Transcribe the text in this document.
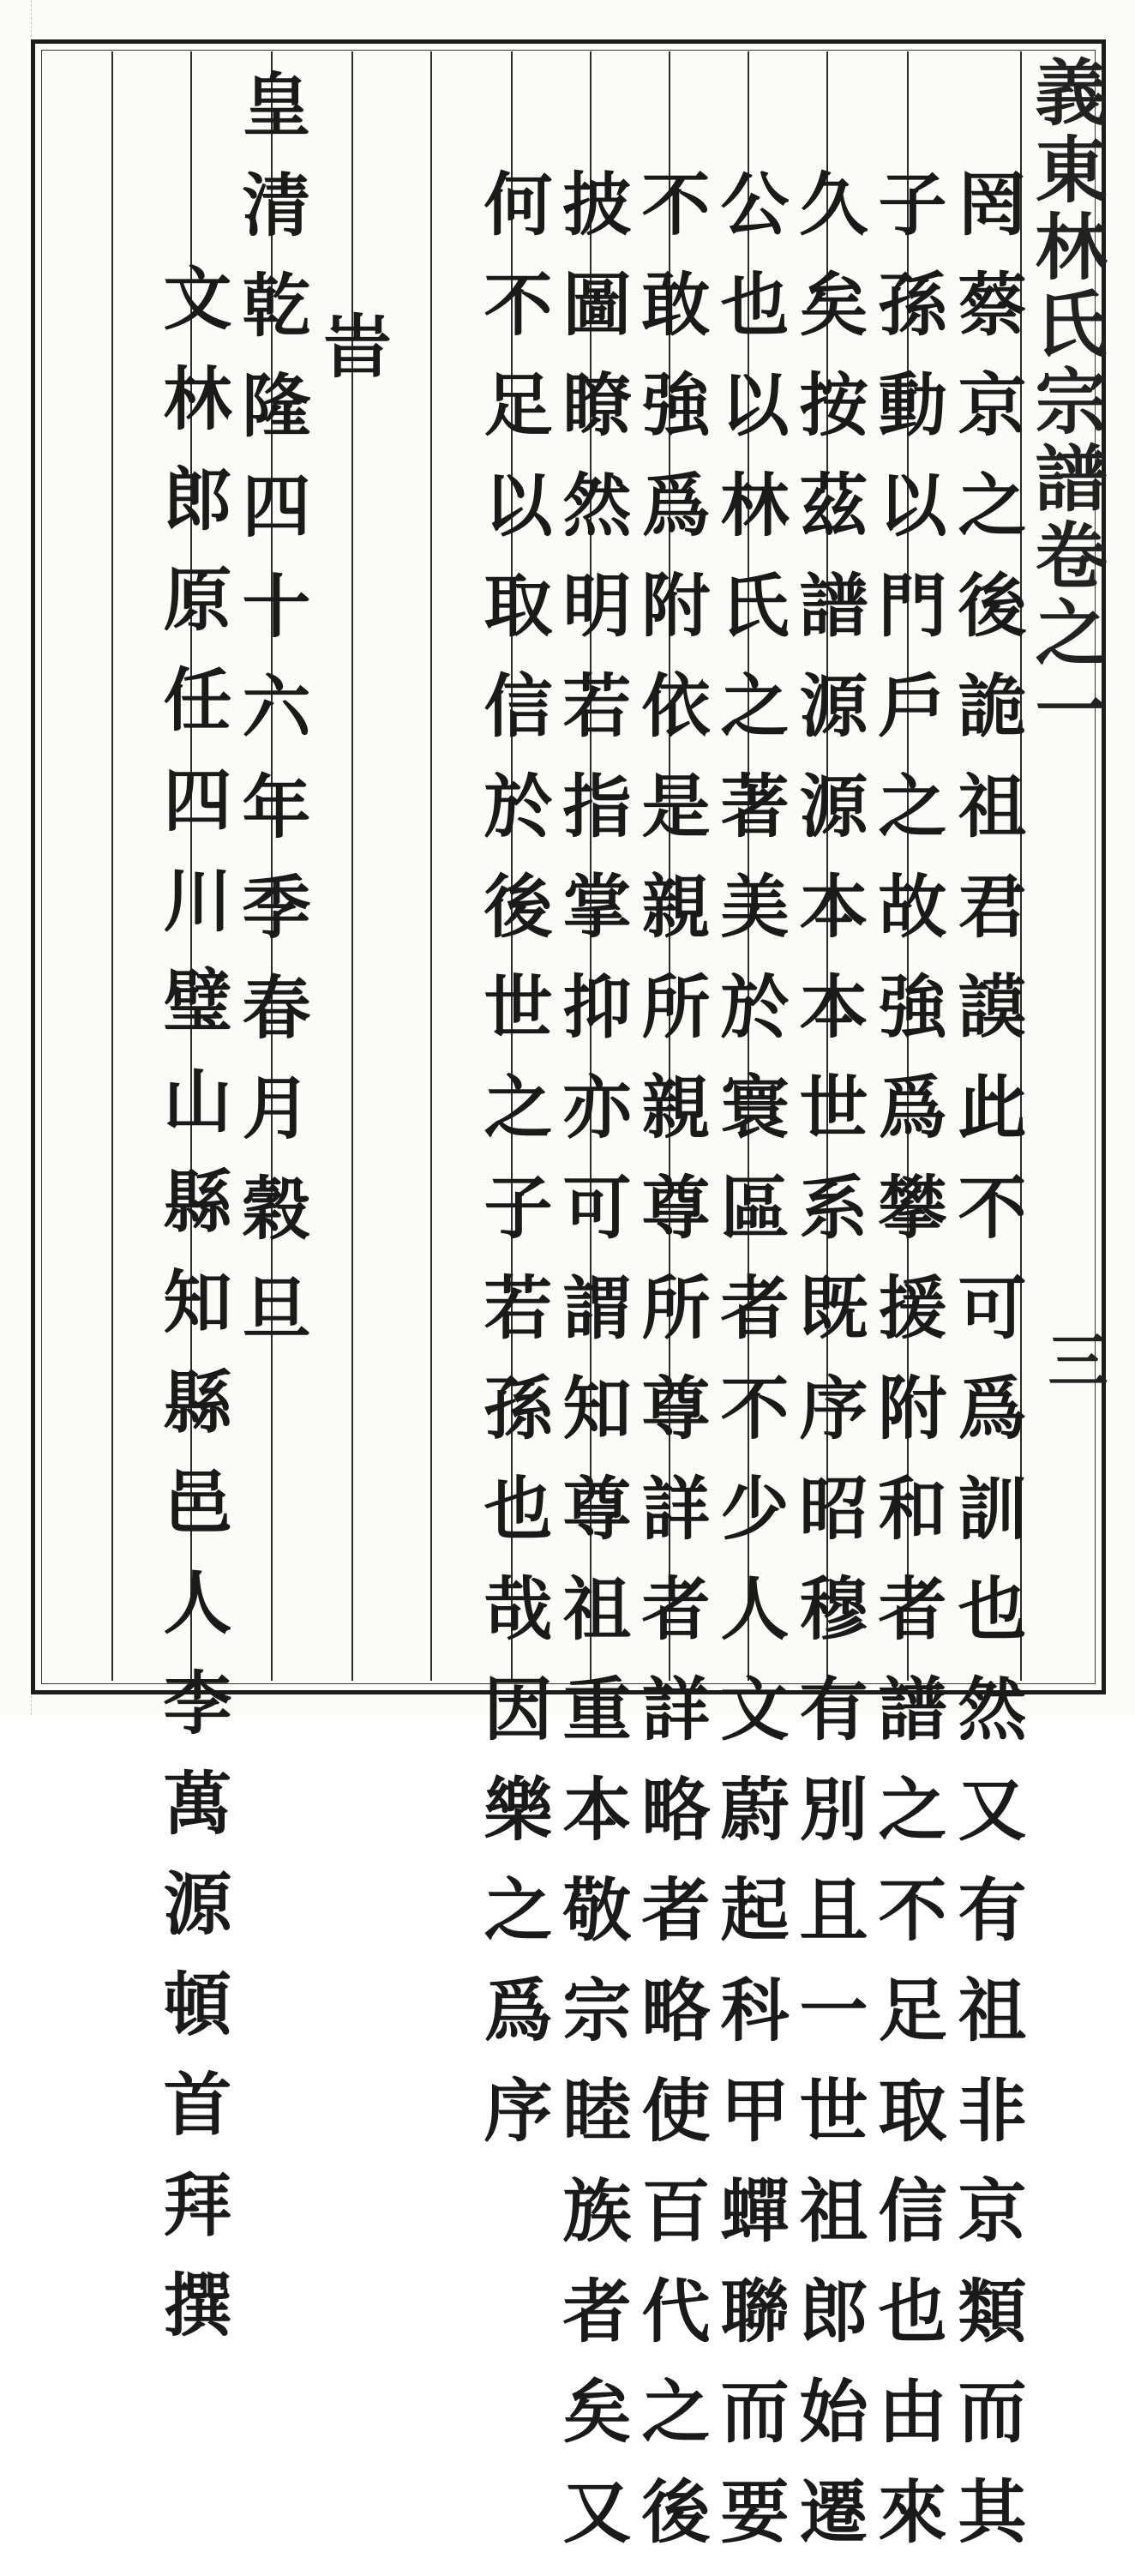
義東林氏宗譜卷之一
三
罔蔡京之後詭祖君謨此不可爲訓也然又有祖非京類而其
子孫動以門戶之故強爲攀援附和者譜之不足取信也由來
久矣按茲譜源源本本世系既序昭穆有別且一世祖郎始遷
公也以林氏之著美於寰區者不少人文蔚起科甲蟬聯而要
不敢強爲附依是親所親尊所尊詳者詳略者略使百代之後
披圖瞭然明若指掌抑亦可謂知尊祖重本敬宗睦族者矣又
何不足以取信於後世之子若孫也哉因樂之爲序
旹
皇清乾隆四十六年季春月穀旦
文林郎原任四川璧山縣知縣邑人李萬源頓首拜撰
